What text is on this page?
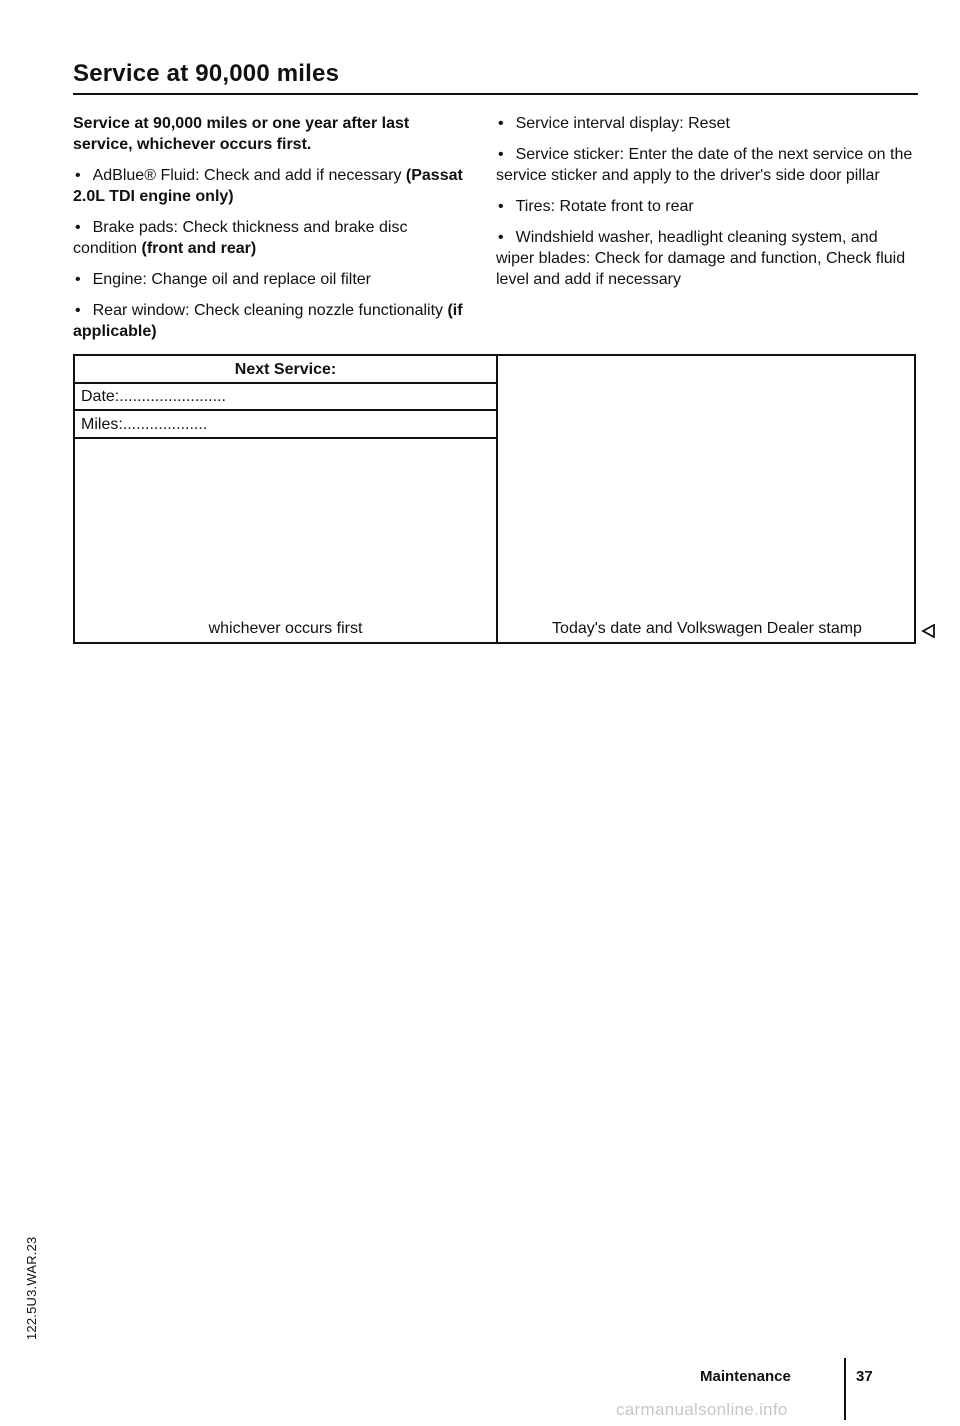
Service at 90,000 miles

Service at 90,000 miles or one year after last service, whichever occurs first.

• AdBlue® Fluid: Check and add if necessary (Passat 2.0L TDI engine only)

• Brake pads: Check thickness and brake disc condition (front and rear)

• Engine: Change oil and replace oil filter

• Rear window: Check cleaning nozzle functionality (if applicable)

• Service interval display: Reset

• Service sticker: Enter the date of the next service on the service sticker and apply to the driver's side door pillar

• Tires: Rotate front to rear

• Windshield washer, headlight cleaning system, and wiper blades: Check for damage and function, Check fluid level and add if necessary

Next Service:
Date:........................
Miles:...................
whichever occurs first	Today's date and Volkswagen Dealer stamp
122.5U3.WAR.23
Maintenance	37
carmanualsonline.info
